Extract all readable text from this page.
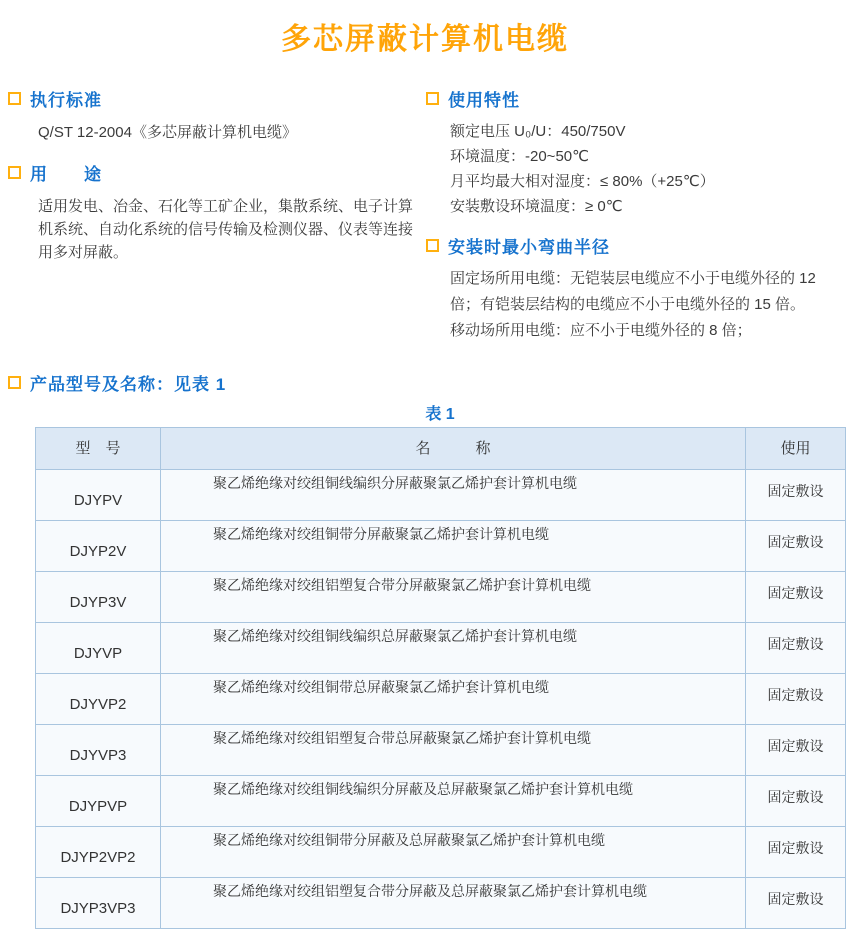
多芯屏蔽计算机电缆
执行标准

Q/ST 12-2004《多芯屏蔽计算机电缆》

用　　途

适用发电、冶金、石化等工矿企业，集散系统、电子计算机系统、自动化系统的信号传输及检测仪器、仪表等连接用多对屏蔽。

使用特性

额定电压 U₀/U：450/750V

环境温度：-20~50℃

月平均最大相对湿度：≤ 80%（+25℃）

安装敷设环境温度：≥ 0℃

安装时最小弯曲半径
固定场所用电缆：无铠装层电缆应不小于电缆外径的 12 倍；有铠装层结构的电缆应不小于电缆外径的 15 倍。
移动场所用电缆：应不小于电缆外径的 8 倍；
产品型号及名称：见表 1
表 1
型　号	名　　　称	使用
DJYPV	聚乙烯绝缘对绞组铜线编织分屏蔽聚氯乙烯护套计算机电缆	固定敷设
DJYP2V	聚乙烯绝缘对绞组铜带分屏蔽聚氯乙烯护套计算机电缆	固定敷设
DJYP3V	聚乙烯绝缘对绞组铝塑复合带分屏蔽聚氯乙烯护套计算机电缆	固定敷设
DJYVP	聚乙烯绝缘对绞组铜线编织总屏蔽聚氯乙烯护套计算机电缆	固定敷设
DJYVP2	聚乙烯绝缘对绞组铜带总屏蔽聚氯乙烯护套计算机电缆	固定敷设
DJYVP3	聚乙烯绝缘对绞组铝塑复合带总屏蔽聚氯乙烯护套计算机电缆	固定敷设
DJYPVP	聚乙烯绝缘对绞组铜线编织分屏蔽及总屏蔽聚氯乙烯护套计算机电缆	固定敷设
DJYP2VP2	聚乙烯绝缘对绞组铜带分屏蔽及总屏蔽聚氯乙烯护套计算机电缆	固定敷设
DJYP3VP3	聚乙烯绝缘对绞组铝塑复合带分屏蔽及总屏蔽聚氯乙烯护套计算机电缆	固定敷设
